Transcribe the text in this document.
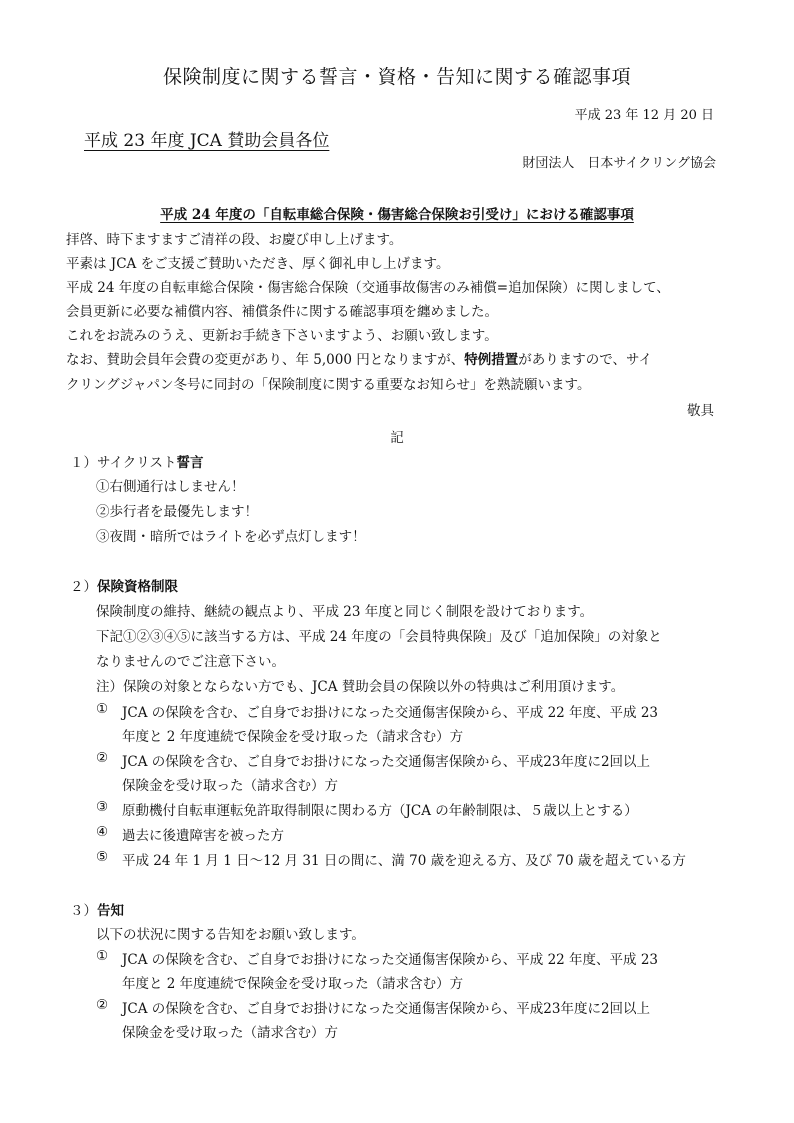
保険制度に関する誓言・資格・告知に関する確認事項
平成 23 年 12 月 20 日
平成 23 年度 JCA 賛助会員各位
財団法人　日本サイクリング協会
平成 24 年度の「自転車総合保険・傷害総合保険お引受け」における確認事項
拝啓、時下ますますご清祥の段、お慶び申し上げます。
平素は JCA をご支援ご賛助いただき、厚く御礼申し上げます。
平成 24 年度の自転車総合保険・傷害総合保険（交通事故傷害のみ補償=追加保険）に関しまして、
会員更新に必要な補償内容、補償条件に関する確認事項を纏めました。
これをお読みのうえ、更新お手続き下さいますよう、お願い致します。
なお、賛助会員年会費の変更があり、年 5,000 円となりますが、特例措置がありますので、サイ
クリングジャパン冬号に同封の「保険制度に関する重要なお知らせ」を熟読願います。
敬具
記
１）サイクリスト誓言
①右側通行はしません！
②歩行者を最優先します！
③夜間・暗所ではライトを必ず点灯します！
２）保険資格制限
保険制度の維持、継続の観点より、平成 23 年度と同じく制限を設けております。
下記①②③④⑤に該当する方は、平成 24 年度の「会員特典保険」及び「追加保険」の対象と
なりませんのでご注意下さい。
注）保険の対象とならない方でも、JCA 賛助会員の保険以外の特典はご利用頂けます。
① JCA の保険を含む、ご自身でお掛けになった交通傷害保険から、平成 22 年度、平成 23
年度と 2 年度連続で保険金を受け取った（請求含む）方
② JCA の保険を含む、ご自身でお掛けになった交通傷害保険から、平成23年度に2回以上
保険金を受け取った（請求含む）方
③ 原動機付自転車運転免許取得制限に関わる方（JCA の年齢制限は、５歳以上とする）
④ 過去に後遺障害を被った方
⑤ 平成 24 年 1 月 1 日～12 月 31 日の間に、満 70 歳を迎える方、及び 70 歳を超えている方
３）告知
以下の状況に関する告知をお願い致します。
① JCA の保険を含む、ご自身でお掛けになった交通傷害保険から、平成 22 年度、平成 23
年度と 2 年度連続で保険金を受け取った（請求含む）方
② JCA の保険を含む、ご自身でお掛けになった交通傷害保険から、平成23年度に2回以上
保険金を受け取った（請求含む）方
